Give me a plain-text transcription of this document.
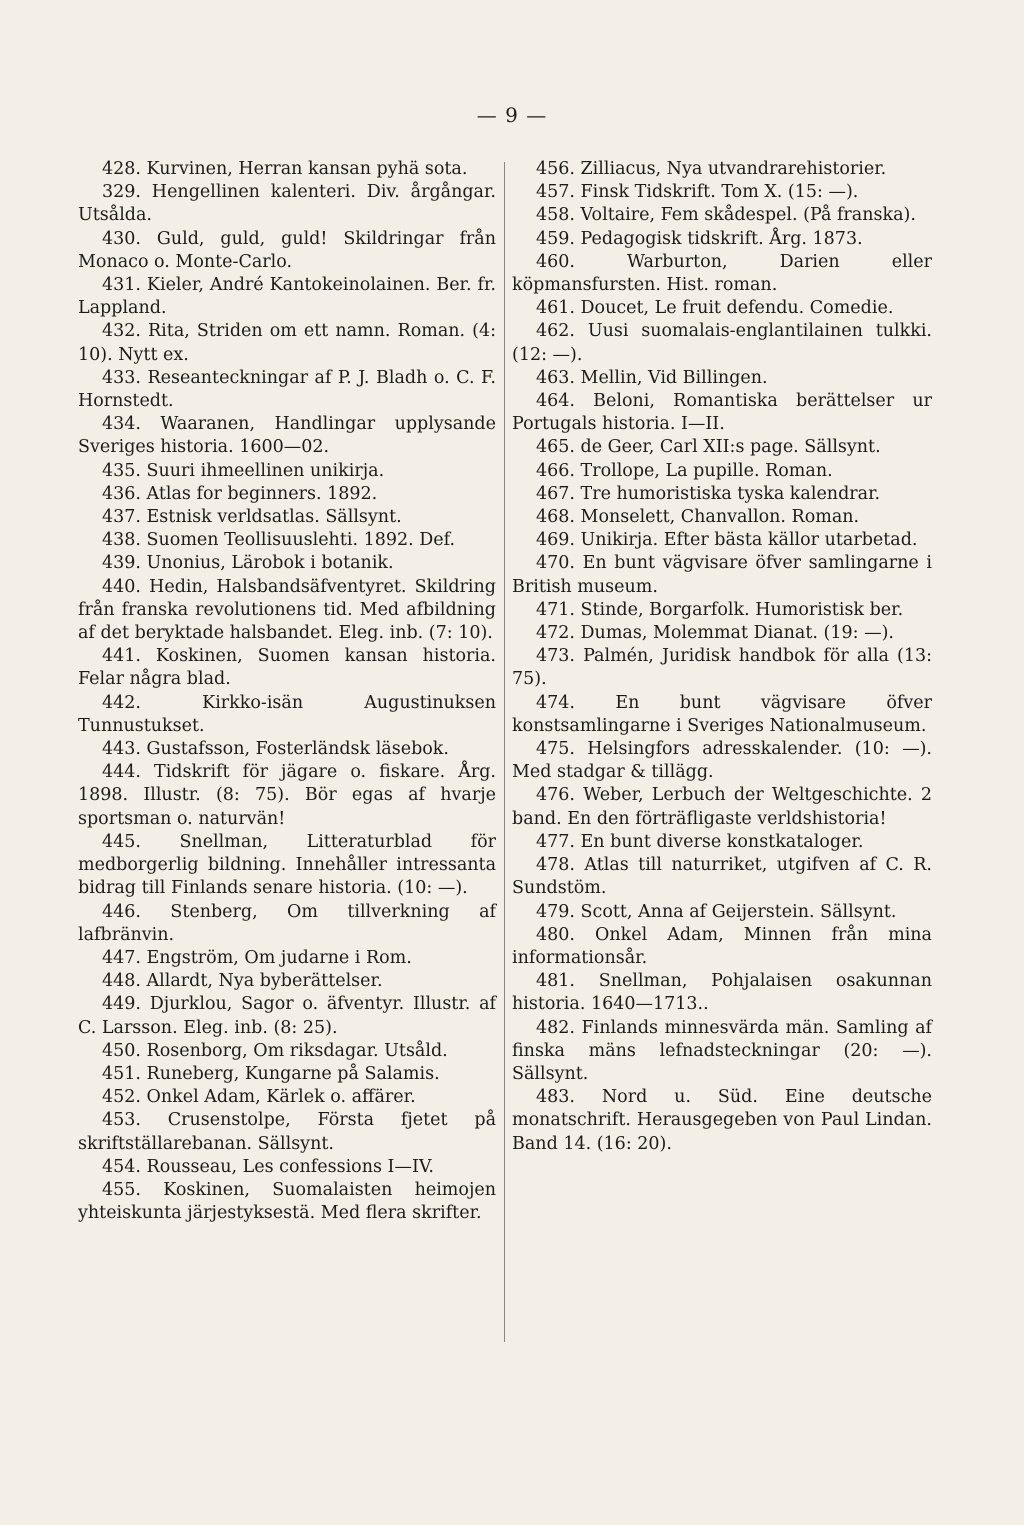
— 9 —

428. Kurvinen, Herran kansan pyhä sota.

329. Hengellinen kalenteri. Div. årgångar. Utsålda.

430. Guld, guld, guld! Skildringar från Monaco o. Monte-Carlo.

431. Kieler, André Kantokeinolainen. Ber. fr. Lappland.

432. Rita, Striden om ett namn. Roman. (4: 10). Nytt ex.

433. Reseanteckningar af P. J. Bladh o. C. F. Hornstedt.

434. Waaranen, Handlingar upplysande Sveriges historia. 1600—02.

435. Suuri ihmeellinen unikirja.

436. Atlas for beginners. 1892.

437. Estnisk verldsatlas. Sällsynt.

438. Suomen Teollisuuslehti. 1892. Def.

439. Unonius, Lärobok i botanik.

440. Hedin, Halsbandsäfventyret. Skildring från franska revolutionens tid. Med afbildning af det beryktade halsbandet. Eleg. inb. (7: 10).

441. Koskinen, Suomen kansan historia. Felar några blad.

442. Kirkko-isän Augustinuksen Tunnustukset.

443. Gustafsson, Fosterländsk läsebok.

444. Tidskrift för jägare o. fiskare. Årg. 1898. Illustr. (8: 75). Bör egas af hvarje sportsman o. naturvän!

445. Snellman, Litteraturblad för medborgerlig bildning. Innehåller intressanta bidrag till Finlands senare historia. (10: —).

446. Stenberg, Om tillverkning af lafbränvin.

447. Engström, Om judarne i Rom.

448. Allardt, Nya byberättelser.

449. Djurklou, Sagor o. äfventyr. Illustr. af C. Larsson. Eleg. inb. (8: 25).

450. Rosenborg, Om riksdagar. Utsåld.

451. Runeberg, Kungarne på Salamis.

452. Onkel Adam, Kärlek o. affärer.

453. Crusenstolpe, Första fjetet på skriftställarebanan. Sällsynt.

454. Rousseau, Les confessions I—IV.

455. Koskinen, Suomalaisten heimojen yhteiskunta järjestyksestä. Med flera skrifter.

456. Zilliacus, Nya utvandrarehistorier.

457. Finsk Tidskrift. Tom X. (15: —).

458. Voltaire, Fem skådespel. (På franska).

459. Pedagogisk tidskrift. Årg. 1873.

460. Warburton, Darien eller köpmansfursten. Hist. roman.

461. Doucet, Le fruit defendu. Comedie.

462. Uusi suomalais-englantilainen tulkki. (12: —).

463. Mellin, Vid Billingen.

464. Beloni, Romantiska berättelser ur Portugals historia. I—II.

465. de Geer, Carl XII:s page. Sällsynt.

466. Trollope, La pupille. Roman.

467. Tre humoristiska tyska kalendrar.

468. Monselett, Chanvallon. Roman.

469. Unikirja. Efter bästa källor utarbetad.

470. En bunt vägvisare öfver samlingarne i British museum.

471. Stinde, Borgarfolk. Humoristisk ber.

472. Dumas, Molemmat Dianat. (19: —).

473. Palmén, Juridisk handbok för alla (13: 75).

474. En bunt vägvisare öfver konstsamlingarne i Sveriges Nationalmuseum.

475. Helsingfors adresskalender. (10: —). Med stadgar & tillägg.

476. Weber, Lerbuch der Weltgeschichte. 2 band. En den förträfligaste verldshistoria!

477. En bunt diverse konstkataloger.

478. Atlas till naturriket, utgifven af C. R. Sundstöm.

479. Scott, Anna af Geijerstein. Sällsynt.

480. Onkel Adam, Minnen från mina informationsår.

481. Snellman, Pohjalaisen osakunnan historia. 1640—1713..

482. Finlands minnesvärda män. Samling af finska mäns lefnadsteckningar (20: —). Sällsynt.

483. Nord u. Süd. Eine deutsche monatschrift. Herausgegeben von Paul Lindan. Band 14. (16: 20).
